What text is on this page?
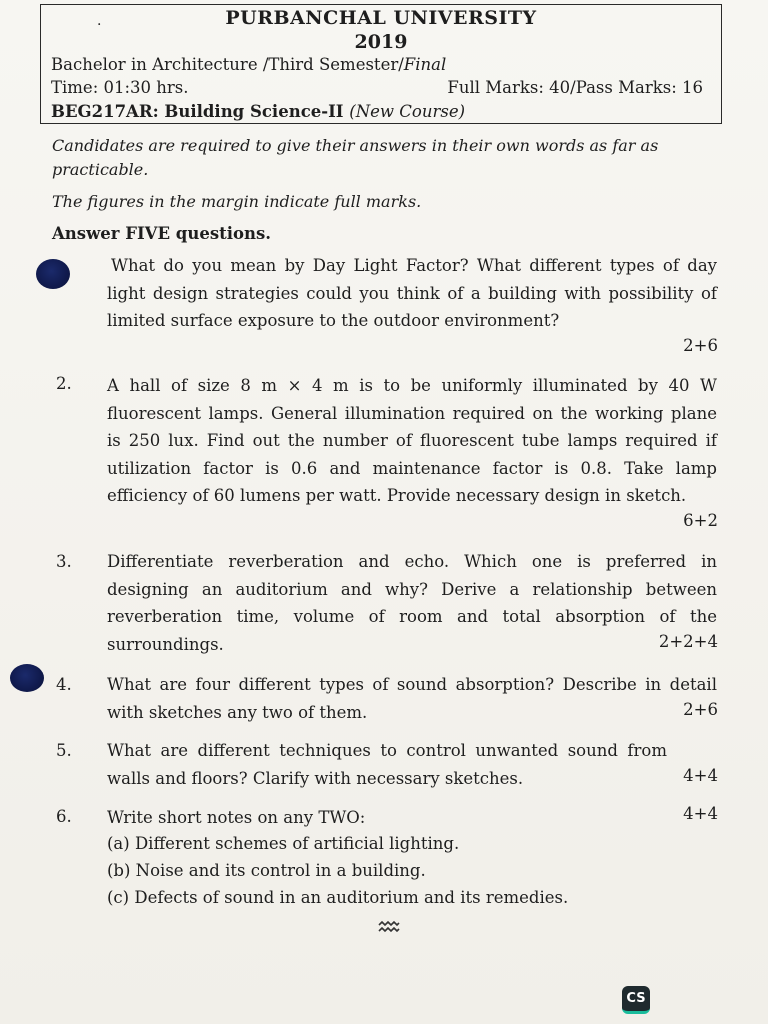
·	PURBANCHAL UNIVERSITY
2019
Bachelor in Architecture /Third Semester/Final
Time: 01:30 hrs.	Full Marks: 40/Pass Marks: 16
BEG217AR: Building Science-II (New Course)
Candidates are required to give their answers in their own words as far as practicable.
The figures in the margin indicate full marks.
Answer FIVE questions.
What do you mean by Day Light Factor? What different types of day light design strategies could you think of a building with possibility of limited surface exposure to the outdoor environment?
2+6
2. A hall of size 8 m × 4 m is to be uniformly illuminated by 40 W fluorescent lamps. General illumination required on the working plane is 250 lux. Find out the number of fluorescent tube lamps required if utilization factor is 0.6 and maintenance factor is 0.8. Take lamp efficiency of 60 lumens per watt. Provide necessary design in sketch.
6+2
3. Differentiate reverberation and echo. Which one is preferred in designing an auditorium and why? Derive a relationship between reverberation time, volume of room and total absorption of the surroundings.	2+2+4
4. What are four different types of sound absorption? Describe in detail with sketches any two of them.	2+6
5. What are different techniques to control unwanted sound from walls and floors? Clarify with necessary sketches.	4+4
6. Write short notes on any TWO:	4+4
(a) Different schemes of artificial lighting.
(b) Noise and its control in a building.
(c) Defects of sound in an auditorium and its remedies.
CS
